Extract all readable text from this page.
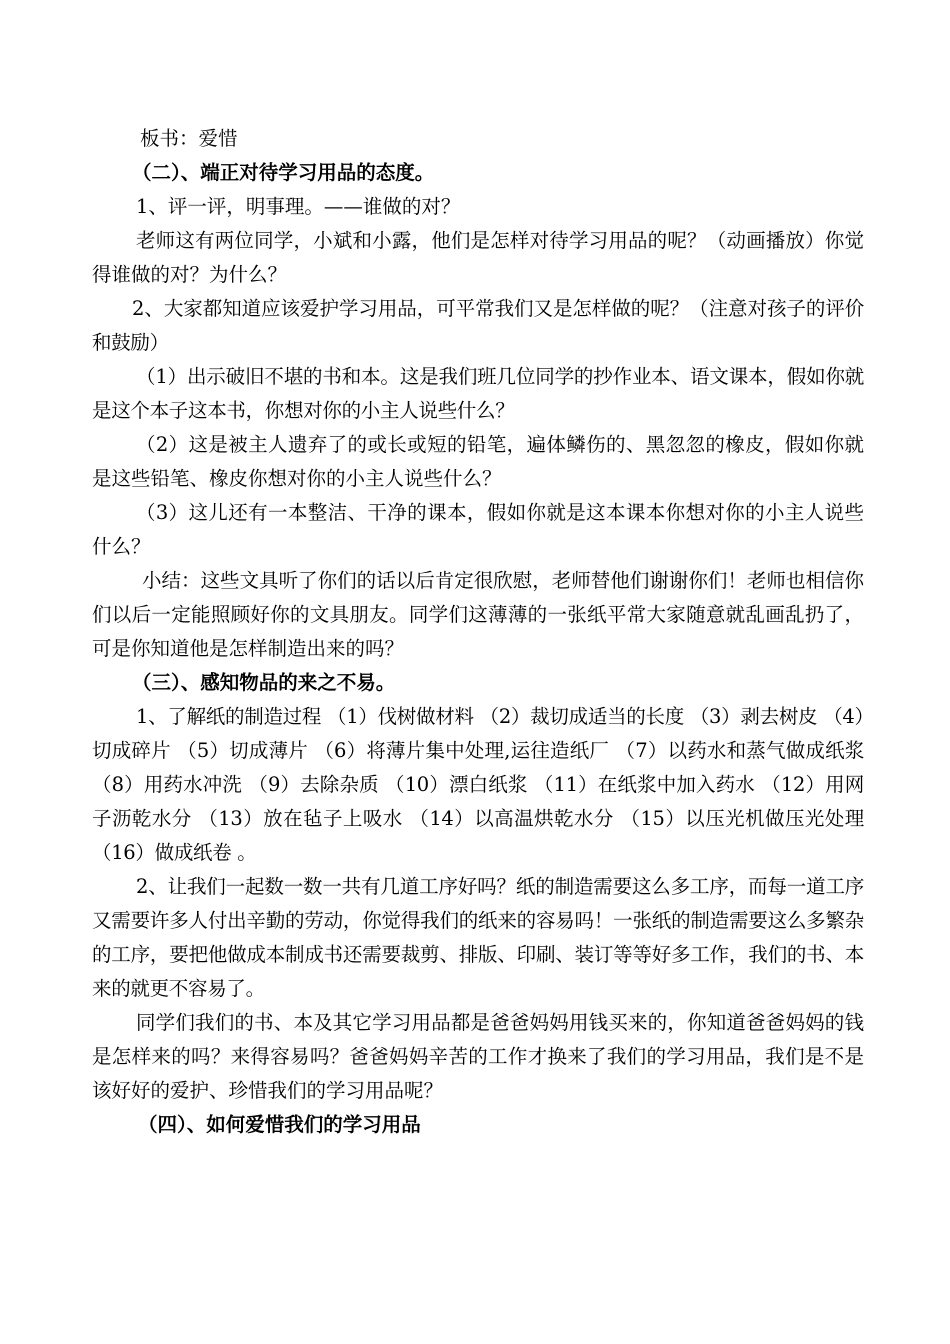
板书：爱惜

（二）、端正对待学习用品的态度。

1、评一评，明事理。——谁做的对？

老师这有两位同学，小斌和小露，他们是怎样对待学习用品的呢？（动画播放）你觉得谁做的对？为什么？

2、大家都知道应该爱护学习用品，可平常我们又是怎样做的呢？（注意对孩子的评价和鼓励）

（1）出示破旧不堪的书和本。这是我们班几位同学的抄作业本、语文课本，假如你就是这个本子这本书，你想对你的小主人说些什么？

（2）这是被主人遗弃了的或长或短的铅笔，遍体鳞伤的、黑忽忽的橡皮，假如你就是这些铅笔、橡皮你想对你的小主人说些什么？

（3）这儿还有一本整洁、干净的课本，假如你就是这本课本你想对你的小主人说些什么？

小结：这些文具听了你们的话以后肯定很欣慰，老师替他们谢谢你们！老师也相信你们以后一定能照顾好你的文具朋友。同学们这薄薄的一张纸平常大家随意就乱画乱扔了，可是你知道他是怎样制造出来的吗？

（三）、感知物品的来之不易。

1、了解纸的制造过程 （1）伐树做材料 （2）裁切成适当的长度 （3）剥去树皮 （4）切成碎片 （5）切成薄片 （6）将薄片集中处理,运往造纸厂 （7）以药水和蒸气做成纸浆 （8）用药水冲洗 （9）去除杂质 （10）漂白纸浆 （11）在纸浆中加入药水 （12）用网子沥乾水分 （13）放在毡子上吸水 （14）以高温烘乾水分 （15）以压光机做压光处理 （16）做成纸卷 。

2、让我们一起数一数一共有几道工序好吗？纸的制造需要这么多工序，而每一道工序又需要许多人付出辛勤的劳动，你觉得我们的纸来的容易吗！一张纸的制造需要这么多繁杂的工序，要把他做成本制成书还需要裁剪、排版、印刷、装订等等好多工作，我们的书、本来的就更不容易了。

同学们我们的书、本及其它学习用品都是爸爸妈妈用钱买来的，你知道爸爸妈妈的钱是怎样来的吗？来得容易吗？爸爸妈妈辛苦的工作才换来了我们的学习用品，我们是不是该好好的爱护、珍惜我们的学习用品呢？

（四）、如何爱惜我们的学习用品
